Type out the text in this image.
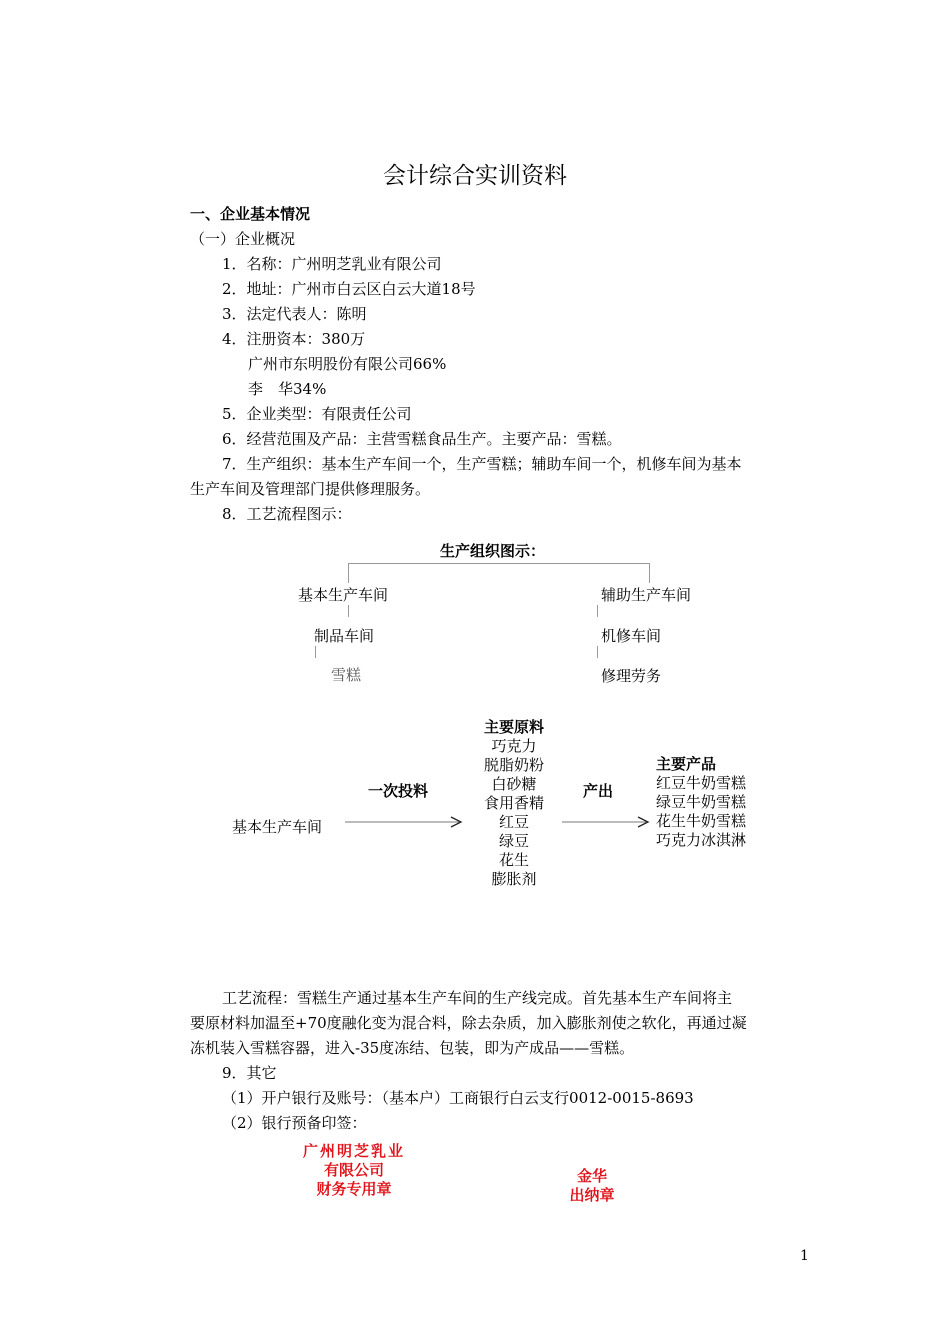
会计综合实训资料
一、企业基本情况
（一）企业概况
1．名称：广州明芝乳业有限公司
2．地址：广州市白云区白云大道18号
3．法定代表人：陈明
4．注册资本：380万
广州市东明股份有限公司66%
李　华34%
5．企业类型：有限责任公司
6．经营范围及产品：主营雪糕食品生产。主要产品：雪糕。
7．生产组织：基本生产车间一个，生产雪糕；辅助车间一个，机修车间为基本
生产车间及管理部门提供修理服务。
8．工艺流程图示：
生产组织图示：
基本生产车间
制品车间
雪糕
辅助生产车间
机修车间
修理劳务
基本生产车间
一次投料
主要原料
巧克力
脱脂奶粉
白砂糖
食用香精
红豆
绿豆
花生
膨胀剂
产出
主要产品
红豆牛奶雪糕
绿豆牛奶雪糕
花生牛奶雪糕
巧克力冰淇淋
工艺流程：雪糕生产通过基本生产车间的生产线完成。首先基本生产车间将主
要原材料加温至+70度融化变为混合料，除去杂质，加入膨胀剂使之软化，再通过凝
冻机装入雪糕容器，进入-35度冻结、包装，即为产成品——雪糕。
9．其它
（1）开户银行及账号：（基本户）工商银行白云支行0012-0015-8693
（2）银行预备印签：
广州明芝乳业
有限公司
财务专用章
金华
出纳章
1
